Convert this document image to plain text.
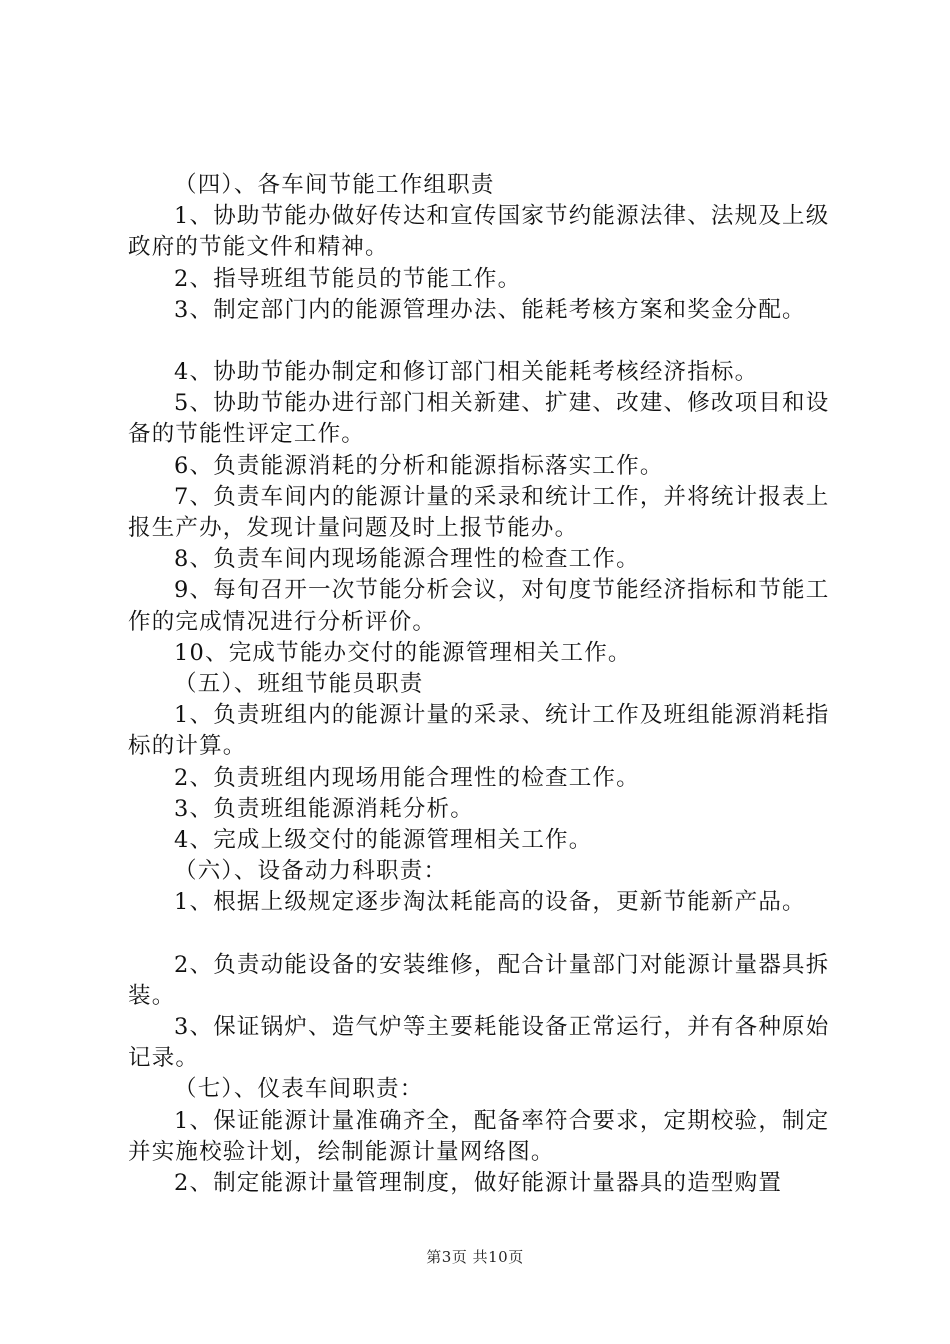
（四）、各车间节能工作组职责

1、协助节能办做好传达和宣传国家节约能源法律、法规及上级政府的节能文件和精神。

2、指导班组节能员的节能工作。

3、制定部门内的能源管理办法、能耗考核方案和奖金分配。

4、协助节能办制定和修订部门相关能耗考核经济指标。

5、协助节能办进行部门相关新建、扩建、改建、修改项目和设备的节能性评定工作。

6、负责能源消耗的分析和能源指标落实工作。

7、负责车间内的能源计量的采录和统计工作，并将统计报表上报生产办，发现计量问题及时上报节能办。

8、负责车间内现场能源合理性的检查工作。

9、每旬召开一次节能分析会议，对旬度节能经济指标和节能工作的完成情况进行分析评价。

10、完成节能办交付的能源管理相关工作。

（五）、班组节能员职责

1、负责班组内的能源计量的采录、统计工作及班组能源消耗指标的计算。

2、负责班组内现场用能合理性的检查工作。

3、负责班组能源消耗分析。

4、完成上级交付的能源管理相关工作。

（六）、设备动力科职责：

1、根据上级规定逐步淘汰耗能高的设备，更新节能新产品。

2、负责动能设备的安装维修，配合计量部门对能源计量器具拆装。

3、保证锅炉、造气炉等主要耗能设备正常运行，并有各种原始记录。

（七）、仪表车间职责：

1、保证能源计量准确齐全，配备率符合要求，定期校验，制定并实施校验计划，绘制能源计量网络图。

2、制定能源计量管理制度，做好能源计量器具的造型购置

第3页 共10页
